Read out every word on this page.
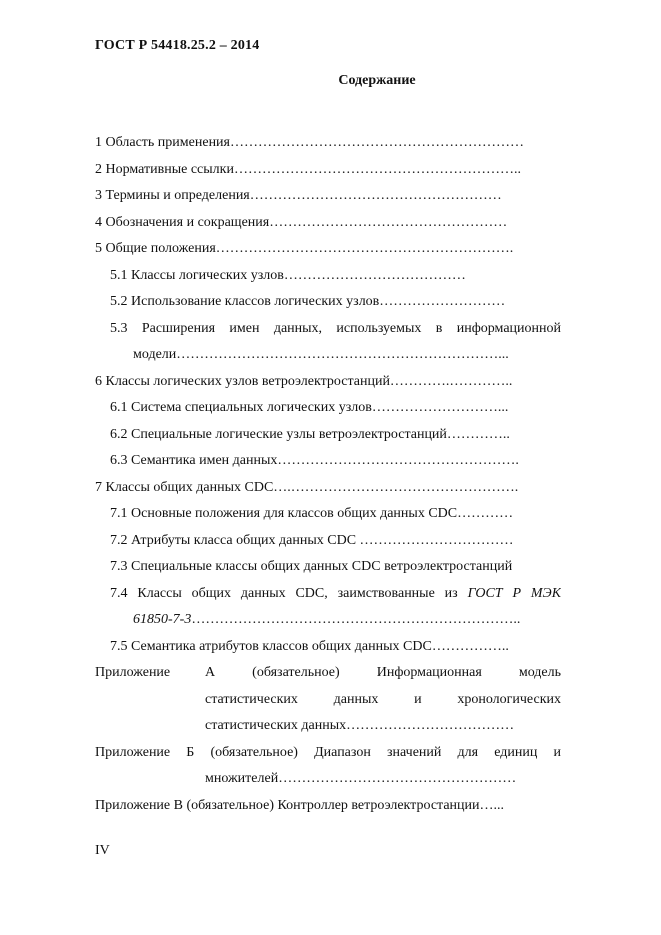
ГОСТ Р 54418.25.2 – 2014
Содержание
1 Область применения………………………………………………………
2 Нормативные ссылки……………………………………………………..
3 Термины и определения………………………………………………
4 Обозначения и сокращения……………………………………………
5 Общие положения……………………………………………………….
5.1 Классы логических узлов…………………………………
5.2 Использование классов логических узлов………………………
5.3 Расширения имен данных, используемых в информационной
модели……………………………………………………………...
6 Классы логических узлов ветроэлектростанций………….…………..
6.1 Система специальных логических узлов………………………...
6.2 Специальные логические узлы ветроэлектростанций…………..
6.3 Семантика имен данных…………………………………………….
7 Классы общих данных CDC….………………………………………….
7.1 Основные положения для классов общих данных CDC…………
7.2 Атрибуты класса общих данных CDC ……………………………
7.3 Специальные классы общих данных CDC ветроэлектростанций
7.4 Классы общих данных CDC, заимствованные из ГОСТ Р МЭК
61850-7-3……………………………………………………………..
7.5 Семантика атрибутов классов общих данных CDC……………..
Приложение	А (обязательное) Информационная модель
статистических данных и хронологических
статистических данных………………………………
Приложение Б (обязательное) Диапазон значений для единиц и
множителей……………………………………………
Приложение В (обязательное) Контроллер ветроэлектростанции…...
IV
